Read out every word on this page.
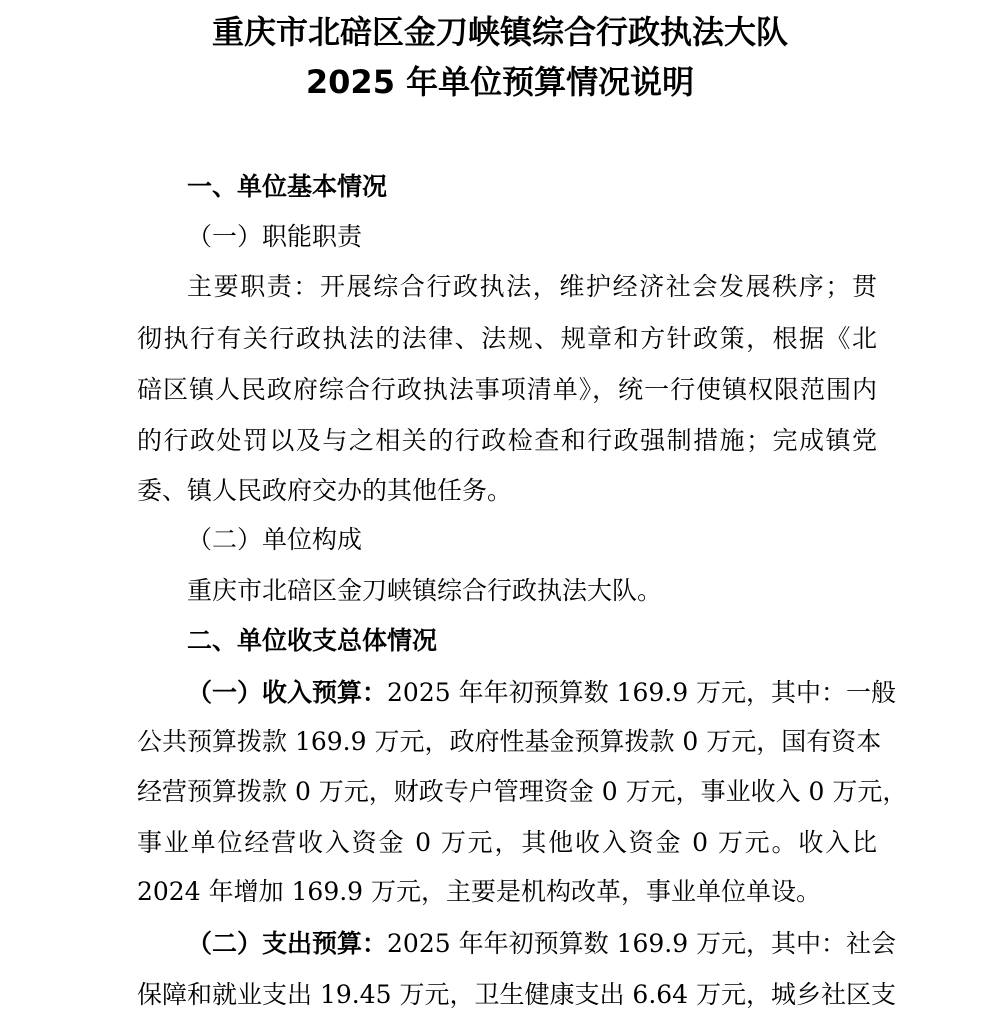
重庆市北碚区金刀峡镇综合行政执法大队
2025 年单位预算情况说明
一、单位基本情况
（一）职能职责
主要职责：开展综合行政执法，维护经济社会发展秩序；贯
彻执行有关行政执法的法律、法规、规章和方针政策，根据《北
碚区镇人民政府综合行政执法事项清单》，统一行使镇权限范围内
的行政处罚以及与之相关的行政检查和行政强制措施；完成镇党
委、镇人民政府交办的其他任务。
（二）单位构成
重庆市北碚区金刀峡镇综合行政执法大队。
二、单位收支总体情况
（一）收入预算：2025 年年初预算数 169.9 万元，其中：一般
公共预算拨款 169.9 万元，政府性基金预算拨款 0 万元，国有资本
经营预算拨款 0 万元，财政专户管理资金 0 万元，事业收入 0 万元，
事业单位经营收入资金 0 万元，其他收入资金 0 万元。收入比
2024 年增加 169.9 万元，主要是机构改革，事业单位单设。
（二）支出预算：2025 年年初预算数 169.9 万元，其中：社会
保障和就业支出 19.45 万元，卫生健康支出 6.64 万元，城乡社区支
